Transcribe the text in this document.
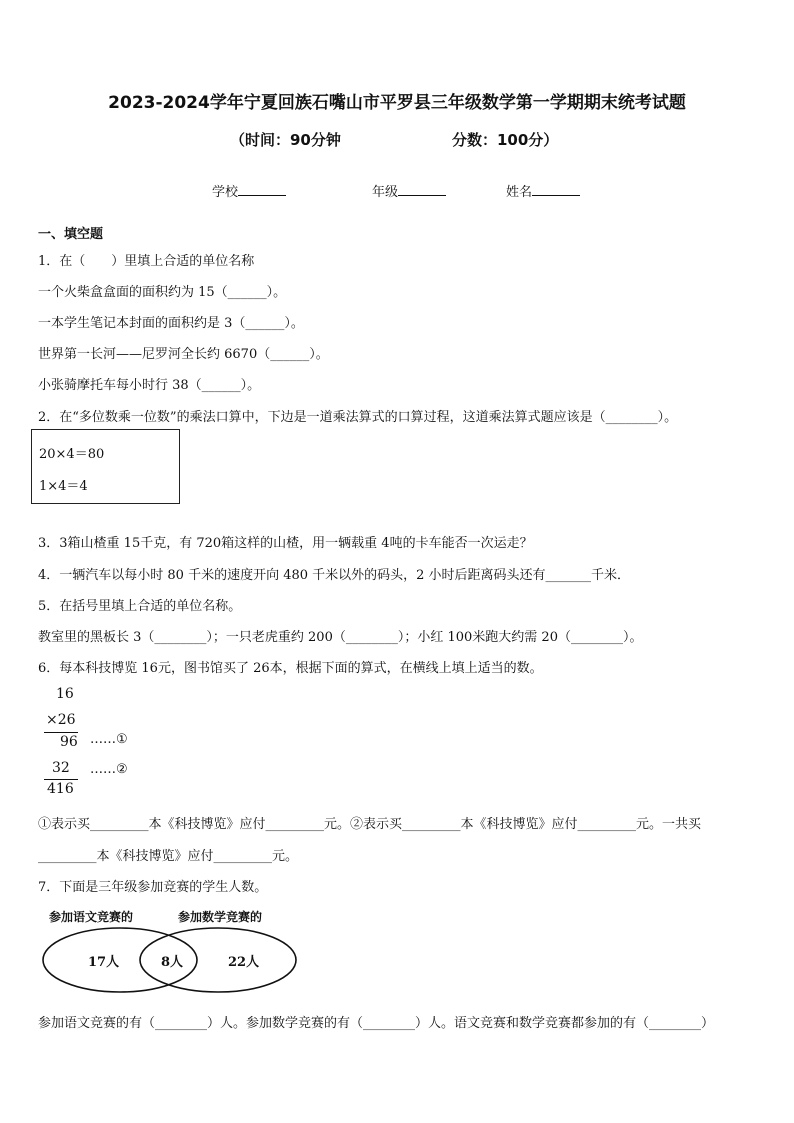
2023-2024学年宁夏回族石嘴山市平罗县三年级数学第一学期期末统考试题
（时间：90分钟	分数：100分）
学校	年级	姓名
一、填空题
1．在（　　）里填上合适的单位名称
一个火柴盒盒面的面积约为 15（______）。
一本学生笔记本封面的面积约是 3（______）。
世界第一长河——尼罗河全长约 6670（______）。
小张骑摩托车每小时行 38（______）。
2．在“多位数乘一位数”的乘法口算中，下边是一道乘法算式的口算过程，这道乘法算式题应该是（________）。
20×4＝80
1×4＝4
3．3箱山楂重 15千克，有 720箱这样的山楂，用一辆载重 4吨的卡车能否一次运走？
4．一辆汽车以每小时 80 千米的速度开向 480 千米以外的码头，2 小时后距离码头还有_______千米．
5．在括号里填上合适的单位名称。
教室里的黑板长 3（________）；一只老虎重约 200（________）；小红 100米跑大约需 20（________）。
6．每本科技博览 16元，图书馆买了 26本，根据下面的算式，在横线上填上适当的数。
16
×26
96 ……①
32 ……②
416
①表示买_________本《科技博览》应付_________元。②表示买_________本《科技博览》应付_________元。一共买
_________本《科技博览》应付_________元。
7．下面是三年级参加竞赛的学生人数。
参加语文竞赛的	参加数学竞赛的
17人	8人	22人
参加语文竞赛的有（________）人。参加数学竞赛的有（________）人。语文竞赛和数学竞赛都参加的有（________）
